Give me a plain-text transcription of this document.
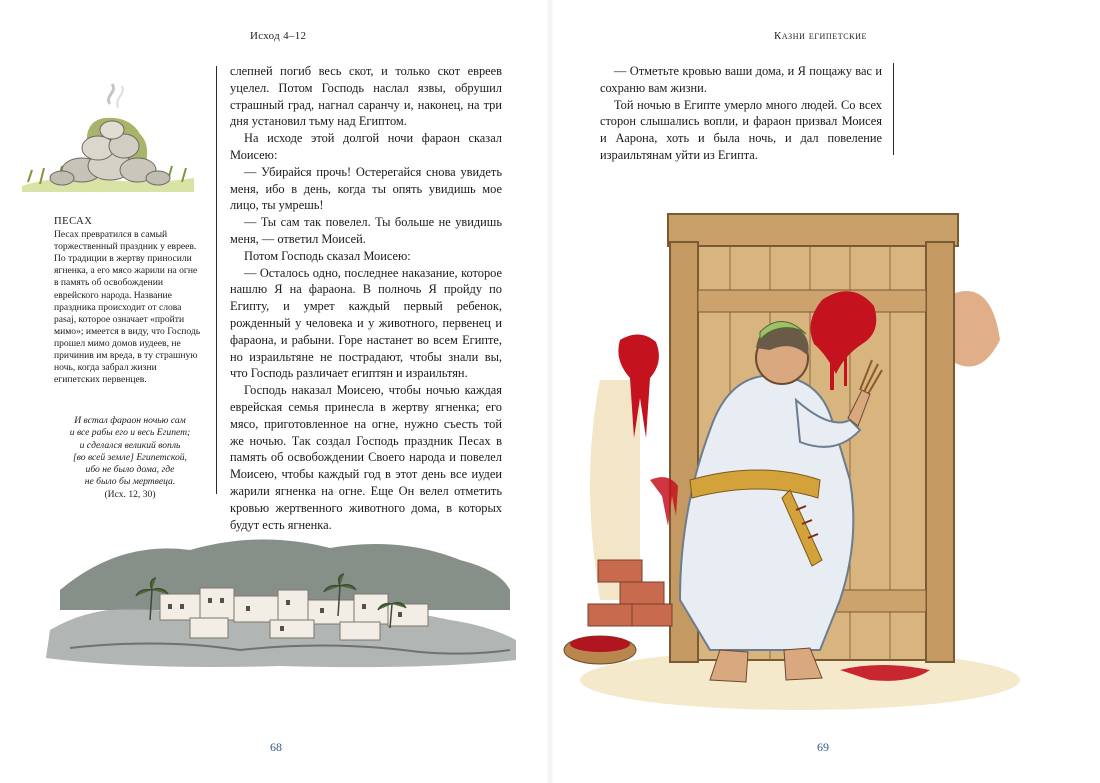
Исход 4–12	Казни египетские
ПЕСАХ
Песах превратился в самый торжественный праздник у евреев. По традиции в жертву приносили ягненка, а его мясо жарили на огне в память об освобождении еврейского народа. Название праздника происходит от слова pasaj, которое означает «пройти мимо»; имеется в виду, что Господь прошел мимо домов иудеев, не причинив им вреда, в ту страшную ночь, когда забрал жизни египетских первенцев.
И встал фараон ночью сам
и все рабы его и весь Египет;
и сделался великий вопль
[во всей земле] Египетской,
ибо не было дома, где
не было бы мертвеца.
(Исх. 12, 30)

слепней погиб весь скот, и только скот евреев уцелел. Потом Господь наслал язвы, обрушил страшный град, нагнал саранчу и, наконец, на три дня установил тьму над Египтом.

На исходе этой долгой ночи фараон сказал Моисею:

— Убирайся прочь! Остерегайся снова увидеть меня, ибо в день, когда ты опять увидишь мое лицо, ты умрешь!

— Ты сам так повелел. Ты больше не увидишь меня, — ответил Моисей.

Потом Господь сказал Моисею:

— Осталось одно, последнее наказание, которое нашлю Я на фараона. В полночь Я пройду по Египту, и умрет каждый первый ребенок, рожденный у человека и у животного, первенец и фараона, и рабыни. Горе настанет во всем Египте, но израильтяне не пострадают, чтобы знали вы, что Господь различает египтян и израильтян.

Господь наказал Моисею, чтобы ночью каждая еврейская семья принесла в жертву ягненка; его мясо, приготовленное на огне, нужно съесть той же ночью. Так создал Господь праздник Песах в память об освобождении Своего народа и повелел Моисею, чтобы каждый год в этот день все иудеи жарили ягненка на огне. Еще Он велел отметить кровью жертвенного животного дома, в которых будут есть ягненка.

68

— Отметьте кровью ваши дома, и Я пощажу вас и сохраню вам жизни.

Той ночью в Египте умерло много людей. Со всех сторон слышались вопли, и фараон призвал Моисея и Аарона, хоть и была ночь, и дал повеление израильтянам уйти из Египта.

69
